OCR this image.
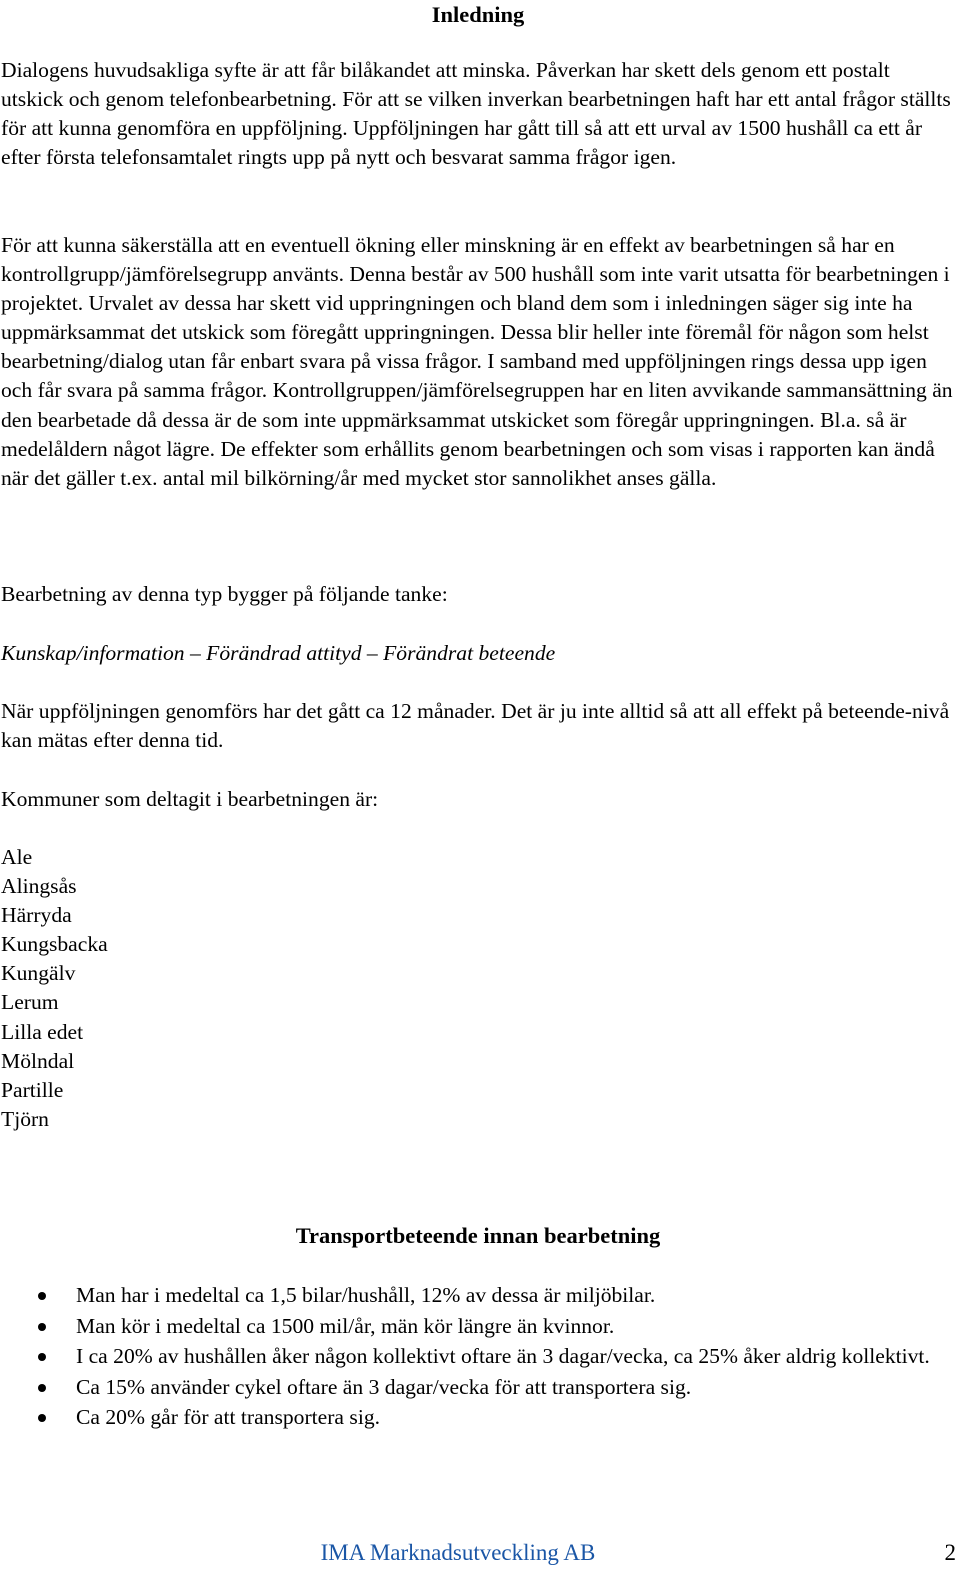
Inledning

Dialogens huvudsakliga syfte är att får bilåkandet att minska. Påverkan har skett dels genom ett postalt utskick och genom telefonbearbetning. För att se vilken inverkan bearbetningen haft har ett antal frågor ställts för att kunna genomföra en uppföljning. Uppföljningen har gått till så att ett urval av 1500 hushåll ca ett år efter första telefonsamtalet ringts upp på nytt och besvarat samma frågor igen.

För att kunna säkerställa att en eventuell ökning eller minskning är en effekt av bearbetningen så har en kontrollgrupp/jämförelsegrupp använts. Denna består av 500 hushåll som inte varit utsatta för bearbetningen i projektet. Urvalet av dessa har skett vid uppringningen och bland dem som i inledningen säger sig inte ha uppmärksammat det utskick som föregått uppringningen. Dessa blir heller inte föremål för någon som helst bearbetning/dialog utan får enbart svara på vissa frågor. I samband med uppföljningen rings dessa upp igen och får svara på samma frågor. Kontrollgruppen/jämförelsegruppen har en liten avvikande sammansättning än den bearbetade då dessa är de som inte uppmärksammat utskicket som föregår uppringningen. Bl.a. så är medelåldern något lägre. De effekter som erhållits genom bearbetningen och som visas i rapporten kan ändå när det gäller t.ex. antal mil bilkörning/år med mycket stor sannolikhet anses gälla.

Bearbetning av denna typ bygger på följande tanke:

Kunskap/information – Förändrad attityd – Förändrat beteende

När uppföljningen genomförs har det gått ca 12 månader. Det är ju inte alltid så att all effekt på beteende-nivå kan mätas efter denna tid.

Kommuner som deltagit i bearbetningen är:

Ale
Alingsås
Härryda
Kungsbacka
Kungälv
Lerum
Lilla edet
Mölndal
Partille
Tjörn
Transportbeteende innan bearbetning
Man har i medeltal ca 1,5 bilar/hushåll, 12% av dessa är miljöbilar.
Man kör i medeltal ca 1500 mil/år, män kör längre än kvinnor.
I ca 20% av hushållen åker någon kollektivt oftare än 3 dagar/vecka, ca 25% åker aldrig kollektivt.
Ca 15% använder cykel oftare än 3 dagar/vecka för att transportera sig.
Ca 20% går för att transportera sig.
IMA Marknadsutveckling AB	2
